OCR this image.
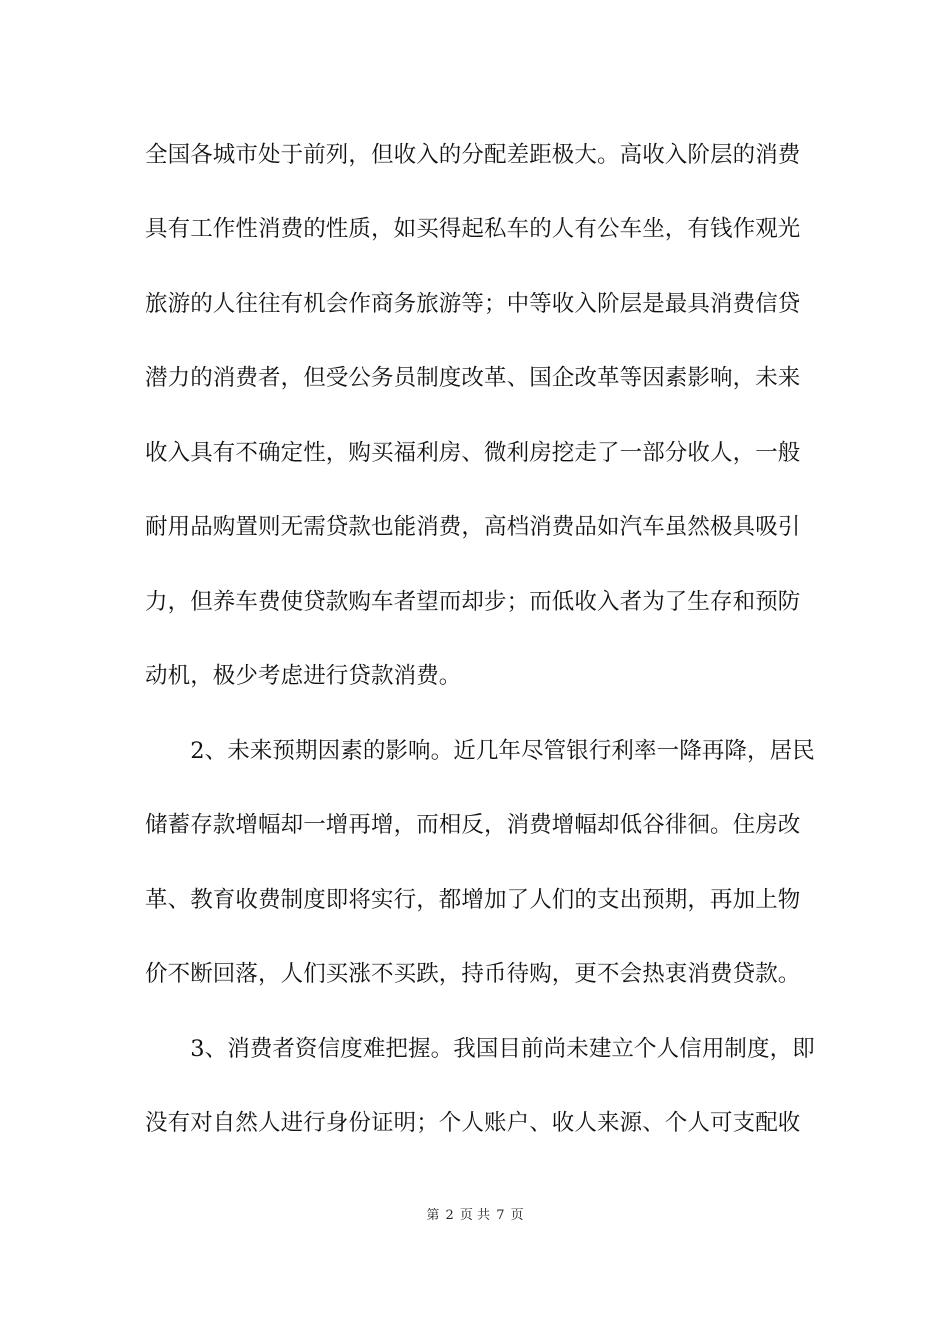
全国各城市处于前列，但收入的分配差距极大。高收入阶层的消费
具有工作性消费的性质，如买得起私车的人有公车坐，有钱作观光
旅游的人往往有机会作商务旅游等；中等收入阶层是最具消费信贷
潜力的消费者，但受公务员制度改革、国企改革等因素影响，未来
收入具有不确定性，购买福利房、微利房挖走了一部分收人，一般
耐用品购置则无需贷款也能消费，高档消费品如汽车虽然极具吸引
力，但养车费使贷款购车者望而却步；而低收入者为了生存和预防
动机，极少考虑进行贷款消费。
　　2、未来预期因素的影响。近几年尽管银行利率一降再降，居民
储蓄存款增幅却一增再增，而相反，消费增幅却低谷徘徊。住房改
革、教育收费制度即将实行，都增加了人们的支出预期，再加上物
价不断回落，人们买涨不买跌，持币待购，更不会热衷消费贷款。
　　3、消费者资信度难把握。我国目前尚未建立个人信用制度，即
没有对自然人进行身份证明；个人账户、收人来源、个人可支配收
第 2 页 共 7 页
